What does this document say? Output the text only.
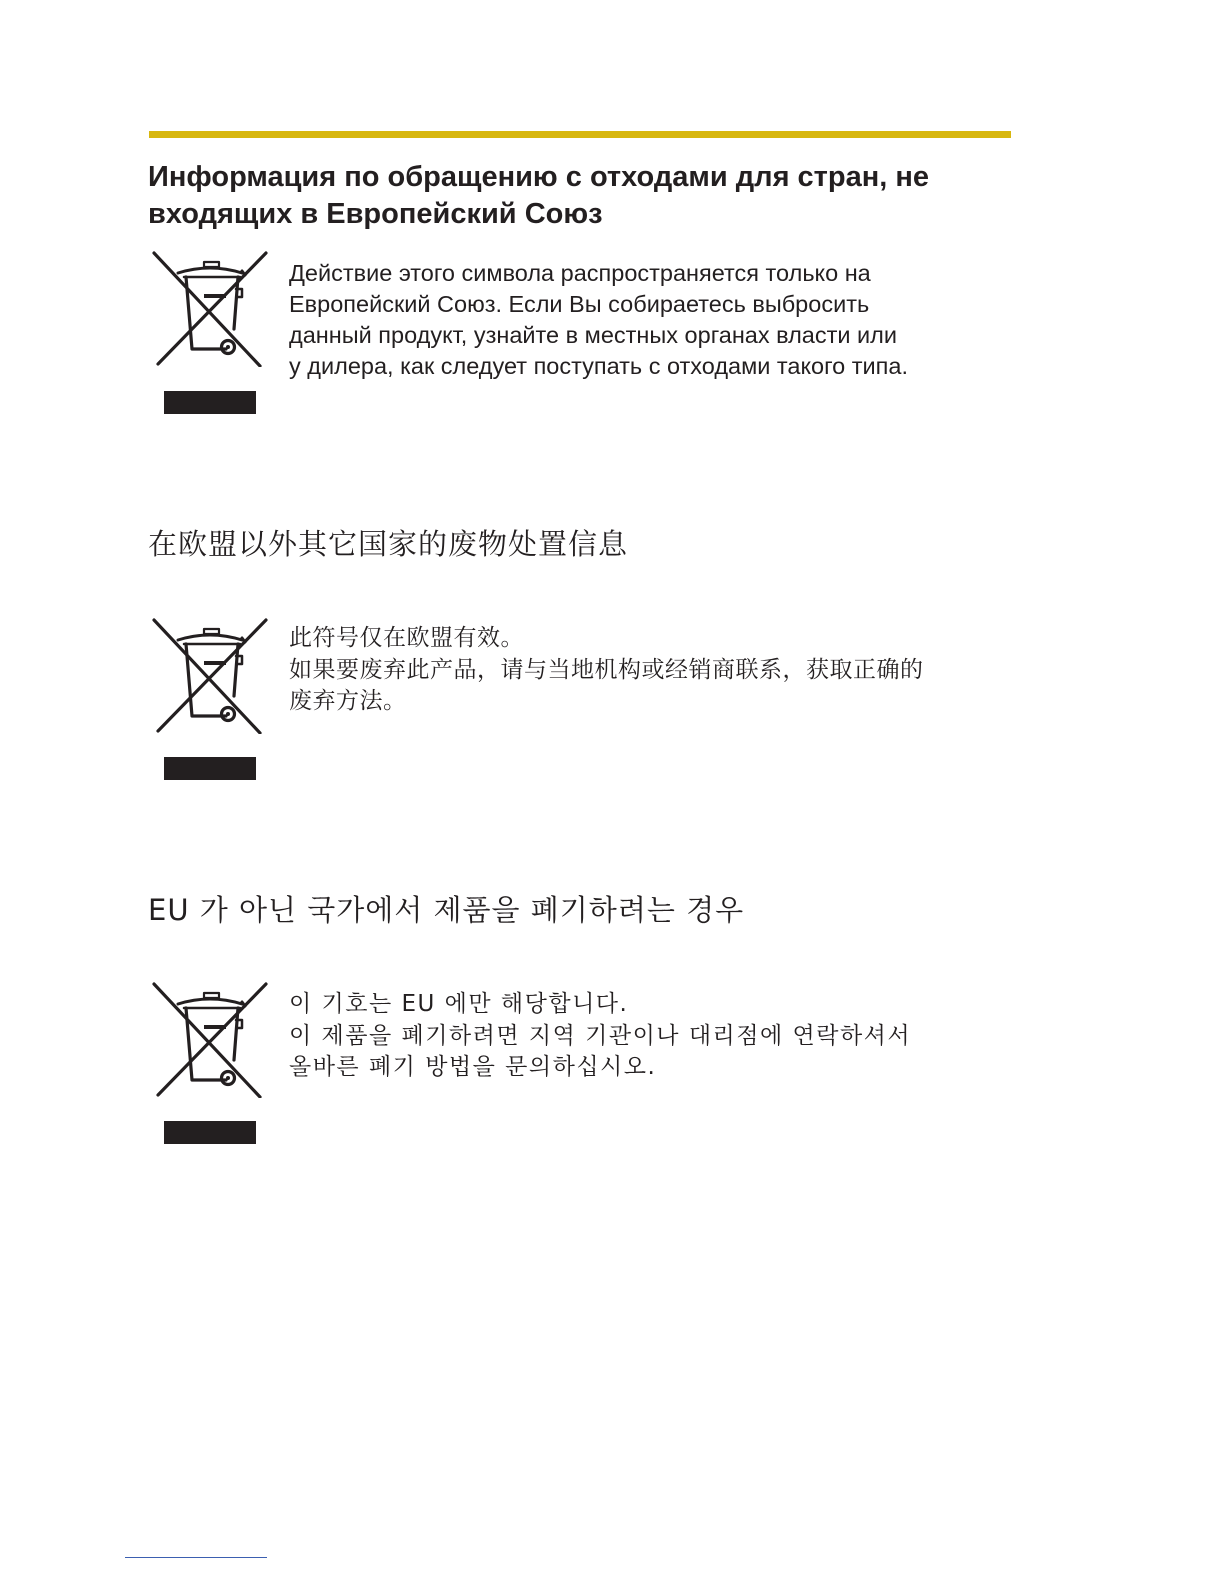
Информация по обращению с отходами для стран, не
входящих в Европейский Союз

Действие этого символа распространяется только на
Европейский Союз. Если Вы собираетесь выбросить
данный продукт, узнайте в местных органах власти или
у дилера, как следует поступать с отходами такого типа.

在欧盟以外其它国家的废物处置信息

此符号仅在欧盟有效。
如果要废弃此产品，请与当地机构或经销商联系，获取正确的
废弃方法。

EU 가 아닌 국가에서 제품을 폐기하려는 경우

이 기호는 EU 에만 해당합니다.
이 제품을 폐기하려면 지역 기관이나 대리점에 연락하셔서
올바른 폐기 방법을 문의하십시오.
